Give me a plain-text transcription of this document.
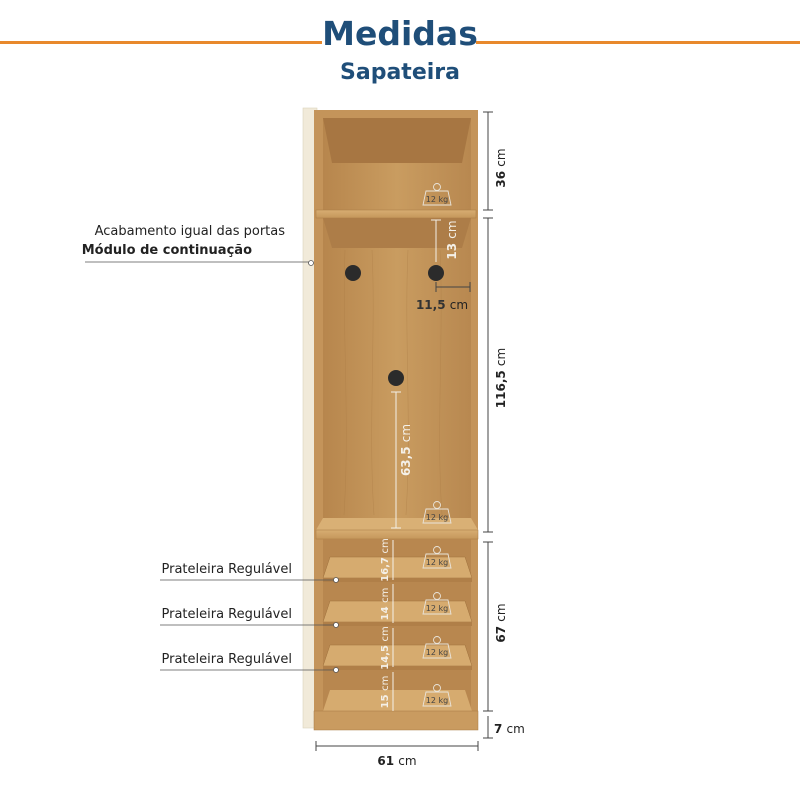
Medidas
Sapateira
Acabamento igual das portas
Módulo de continuação
Prateleira Regulável
Prateleira Regulável
Prateleira Regulável
12 kg
12 kg
12 kg
12 kg
12 kg
12 kg
36 cm
116,5 cm
67 cm
7 cm
61 cm
13 cm
11,5 cm
63,5 cm
16,7 cm
14 cm
14,5 cm
15 cm
